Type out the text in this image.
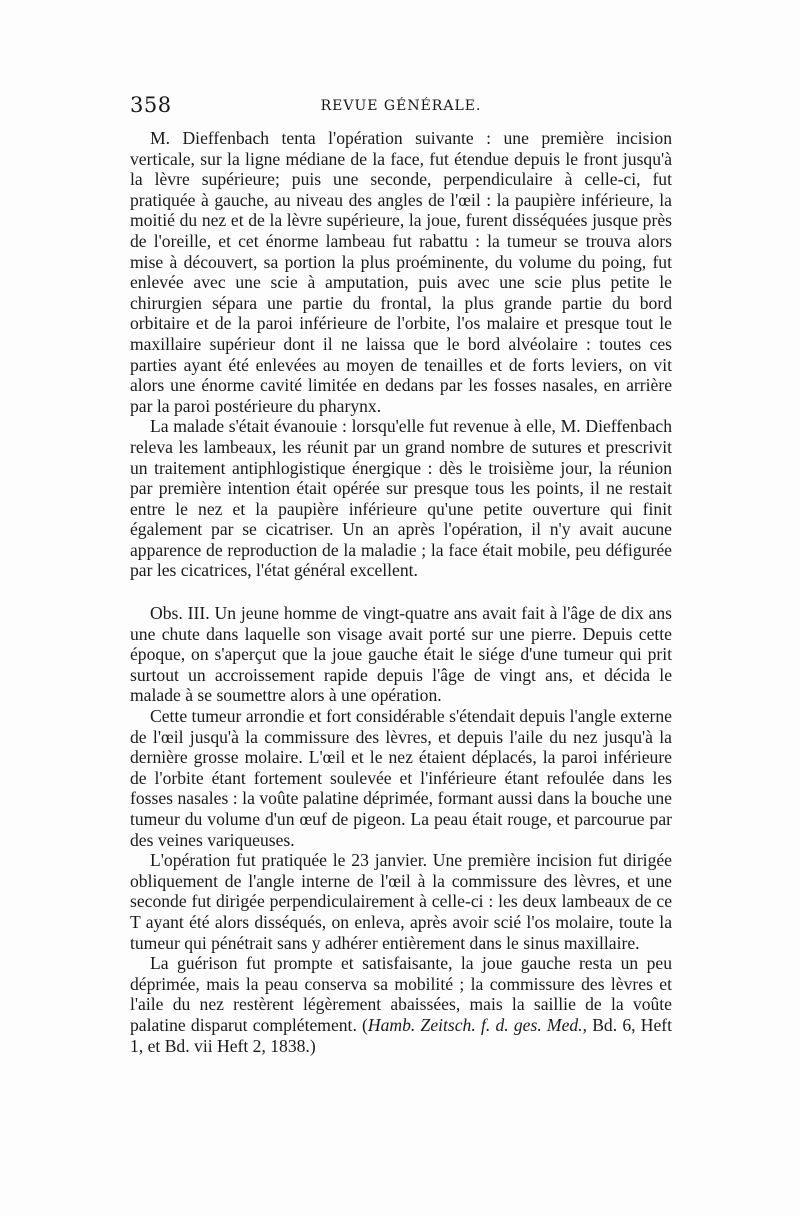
358	REVUE GÉNÉRALE.

M. Dieffenbach tenta l'opération suivante : une première incision verticale, sur la ligne médiane de la face, fut étendue depuis le front jusqu'à la lèvre supérieure; puis une seconde, perpendiculaire à celle-ci, fut pratiquée à gauche, au niveau des angles de l'œil : la paupière inférieure, la moitié du nez et de la lèvre supérieure, la joue, furent disséquées jusque près de l'oreille, et cet énorme lambeau fut rabattu : la tumeur se trouva alors mise à découvert, sa portion la plus proéminente, du volume du poing, fut enlevée avec une scie à amputation, puis avec une scie plus petite le chirurgien sépara une partie du frontal, la plus grande partie du bord orbitaire et de la paroi inférieure de l'orbite, l'os malaire et presque tout le maxillaire supérieur dont il ne laissa que le bord alvéolaire : toutes ces parties ayant été enlevées au moyen de tenailles et de forts leviers, on vit alors une énorme cavité limitée en dedans par les fosses nasales, en arrière par la paroi postérieure du pharynx.

La malade s'était évanouie : lorsqu'elle fut revenue à elle, M. Dieffenbach releva les lambeaux, les réunit par un grand nombre de sutures et prescrivit un traitement antiphlogistique énergique : dès le troisième jour, la réunion par première intention était opérée sur presque tous les points, il ne restait entre le nez et la paupière inférieure qu'une petite ouverture qui finit également par se cicatriser. Un an après l'opération, il n'y avait aucune apparence de reproduction de la maladie ; la face était mobile, peu défigurée par les cicatrices, l'état général excellent.

Obs. III. Un jeune homme de vingt-quatre ans avait fait à l'âge de dix ans une chute dans laquelle son visage avait porté sur une pierre. Depuis cette époque, on s'aperçut que la joue gauche était le siége d'une tumeur qui prit surtout un accroissement rapide depuis l'âge de vingt ans, et décida le malade à se soumettre alors à une opération.

Cette tumeur arrondie et fort considérable s'étendait depuis l'angle externe de l'œil jusqu'à la commissure des lèvres, et depuis l'aile du nez jusqu'à la dernière grosse molaire. L'œil et le nez étaient déplacés, la paroi inférieure de l'orbite étant fortement soulevée et l'inférieure étant refoulée dans les fosses nasales : la voûte palatine déprimée, formant aussi dans la bouche une tumeur du volume d'un œuf de pigeon. La peau était rouge, et parcourue par des veines variqueuses.

L'opération fut pratiquée le 23 janvier. Une première incision fut dirigée obliquement de l'angle interne de l'œil à la commissure des lèvres, et une seconde fut dirigée perpendiculairement à celle-ci : les deux lambeaux de ce T ayant été alors disséqués, on enleva, après avoir scié l'os molaire, toute la tumeur qui pénétrait sans y adhérer entièrement dans le sinus maxillaire.

La guérison fut prompte et satisfaisante, la joue gauche resta un peu déprimée, mais la peau conserva sa mobilité ; la commissure des lèvres et l'aile du nez restèrent légèrement abaissées, mais la saillie de la voûte palatine disparut complétement. (Hamb. Zeitsch. f. d. ges. Med., Bd. 6, Heft 1, et Bd. vii Heft 2, 1838.)
